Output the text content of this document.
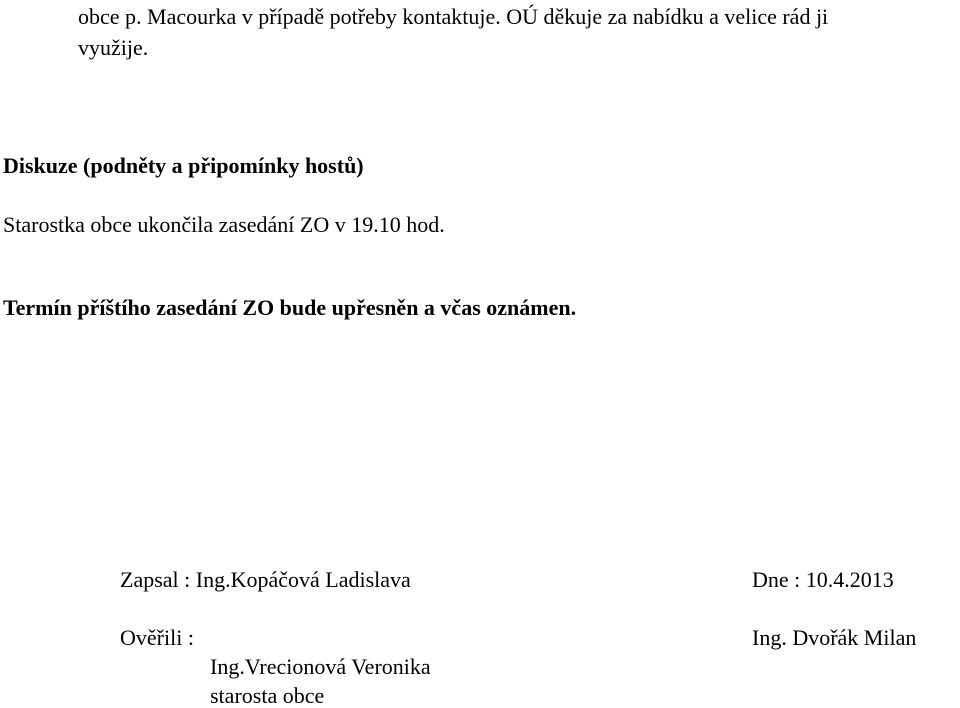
obce p. Macourka v případě potřeby kontaktuje. OÚ děkuje za nabídku a velice rád ji
využije.
Diskuze (podněty a připomínky hostů)
Starostka obce ukončila zasedání ZO v 19.10 hod.
Termín příštího zasedání ZO bude upřesněn a včas oznámen.
Zapsal : Ing.Kopáčová Ladislava	Dne : 10.4.2013
Ověřili :	Ing. Dvořák Milan
Ing.Vrecionová Veronika
starosta obce
